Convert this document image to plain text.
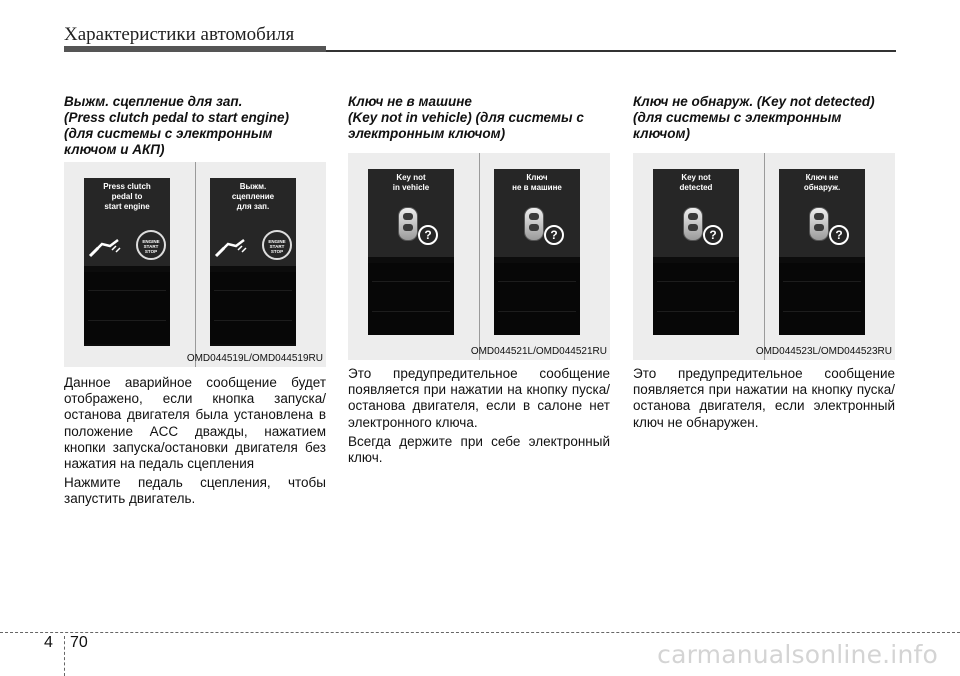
Характеристики автомобиля
Выжм. сцепление для зап.
(Press clutch pedal to start engine)
(для системы с электронным
ключом и АКП)
Ключ не в машине
(Key not in vehicle) (для системы с
электронным ключом)
Ключ не обнаруж. (Key not detected)
(для системы с электронным
ключом)
Press clutch
pedal to
start engine
ENGINE
START
STOP
Выжм.
сцепление
для зап.
ENGINE
START
STOP
OMD044519L/OMD044519RU
Key not
in vehicle
?
Ключ
не в машине
?
OMD044521L/OMD044521RU
Key not
detected
?
Ключ не
обнаруж.
?
OMD044523L/OMD044523RU

Данное аварийное сообщение будет отображено, если кнопка запуска/останова двигателя была установлена в положение ACC дважды, нажатием кнопки запуска/остановки двигателя без нажатия на педаль сцепления

Нажмите педаль сцепления, чтобы запустить двигатель.

Это предупредительное сообщение появляется при нажатии на кнопку пуска/останова двигателя, если в салоне нет электронного ключа.

Всегда держите при себе электронный ключ.

Это предупредительное сообщение появляется при нажатии на кнопку пуска/останова двигателя, если электронный ключ не обнаружен.

4 70	carmanualsonline.info
